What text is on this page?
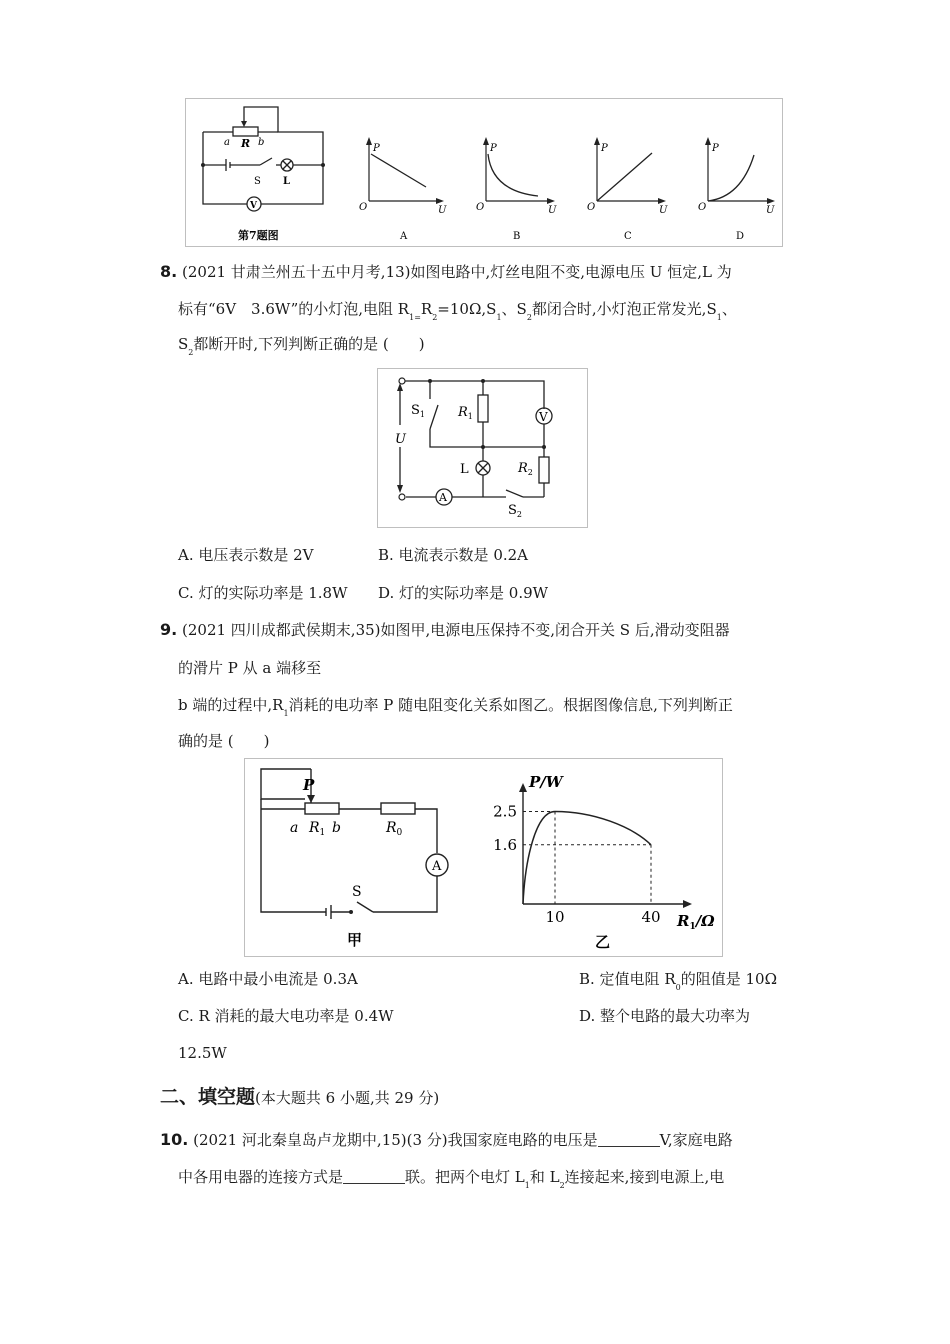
a R b
S L
V
第7题图
P
O	U
A
P
O	U
B
P
O	U
C
P
O	U
D
8. (2021 甘肃兰州五十五中月考,13)如图电路中,灯丝电阻不变,电源电压 U 恒定,L 为
标有“6V　3.6W”的小灯泡,电阻 $R_{1=}R_2=10\Omega,S_1$、$S_2$都闭合时,小灯泡正常发光$,S_1$、
$S_2$都断开时,下列判断正确的是 (　　)
$S_1$	$R_1$	V
U
L	$R_2$
A
$S_2$
A. 电压表示数是 2V	B. 电流表示数是 0.2A
C. 灯的实际功率是 1.8W D. 灯的实际功率是 0.9W
9. (2021 四川成都武侯期末,35)如图甲,电源电压保持不变,闭合开关 S 后,滑动变阻器
的滑片 P 从 a 端移至
b 端的过程中$,R_1$消耗的电功率 P 随电阻变化关系如图乙。根据图像信息,下列判断正
确的是 (　　)
P
a $R_1$ b	$R_0$
A
S
甲
P/W
2.5
1.6
10	40 $R_1/\Omega$
乙
A. 电路中最小电流是 0.3A	B. 定值电阻 $R_0$的阻值是 10Ω
C. R 消耗的最大电功率是 0.4W	D. 整个电路的最大功率为
12.5W
二、填空题(本大题共 6 小题,共 29 分)
10. (2021 河北秦皇岛卢龙期中,15)(3 分)我国家庭电路的电压是	V,家庭电路
中各用电器的连接方式是	联。把两个电灯 $L_1$和 $L_2$连接起来,接到电源上,电
